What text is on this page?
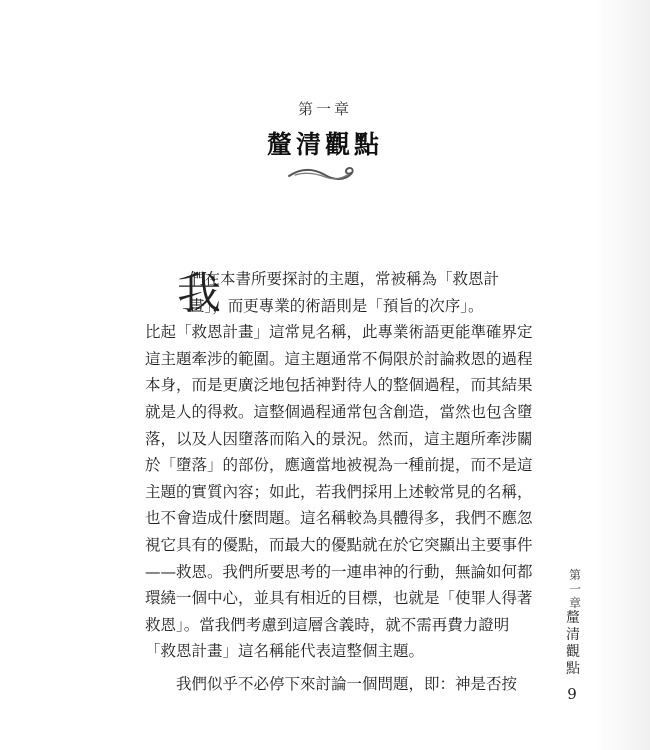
第一章
釐清觀點
我
們在本書所要探討的主題，常被稱為「救恩計
畫」，而更專業的術語則是「預旨的次序」。
比起「救恩計畫」這常見名稱，此專業術語更能準確界定
這主題牽涉的範圍。這主題通常不侷限於討論救恩的過程
本身，而是更廣泛地包括神對待人的整個過程，而其結果
就是人的得救。這整個過程通常包含創造，當然也包含墮
落，以及人因墮落而陷入的景況。然而，這主題所牽涉關
於「墮落」的部份，應適當地被視為一種前提，而不是這
主題的實質內容；如此，若我們採用上述較常見的名稱，
也不會造成什麼問題。這名稱較為具體得多，我們不應忽
視它具有的優點，而最大的優點就在於它突顯出主要事件
——救恩。我們所要思考的一連串神的行動，無論如何都
環繞一個中心，並具有相近的目標，也就是「使罪人得著
救恩」。當我們考慮到這層含義時，就不需再費力證明
「救恩計畫」這名稱能代表這整個主題。
我們似乎不必停下來討論一個問題，即：神是否按
第
一
章
釐
清
觀
點
9
